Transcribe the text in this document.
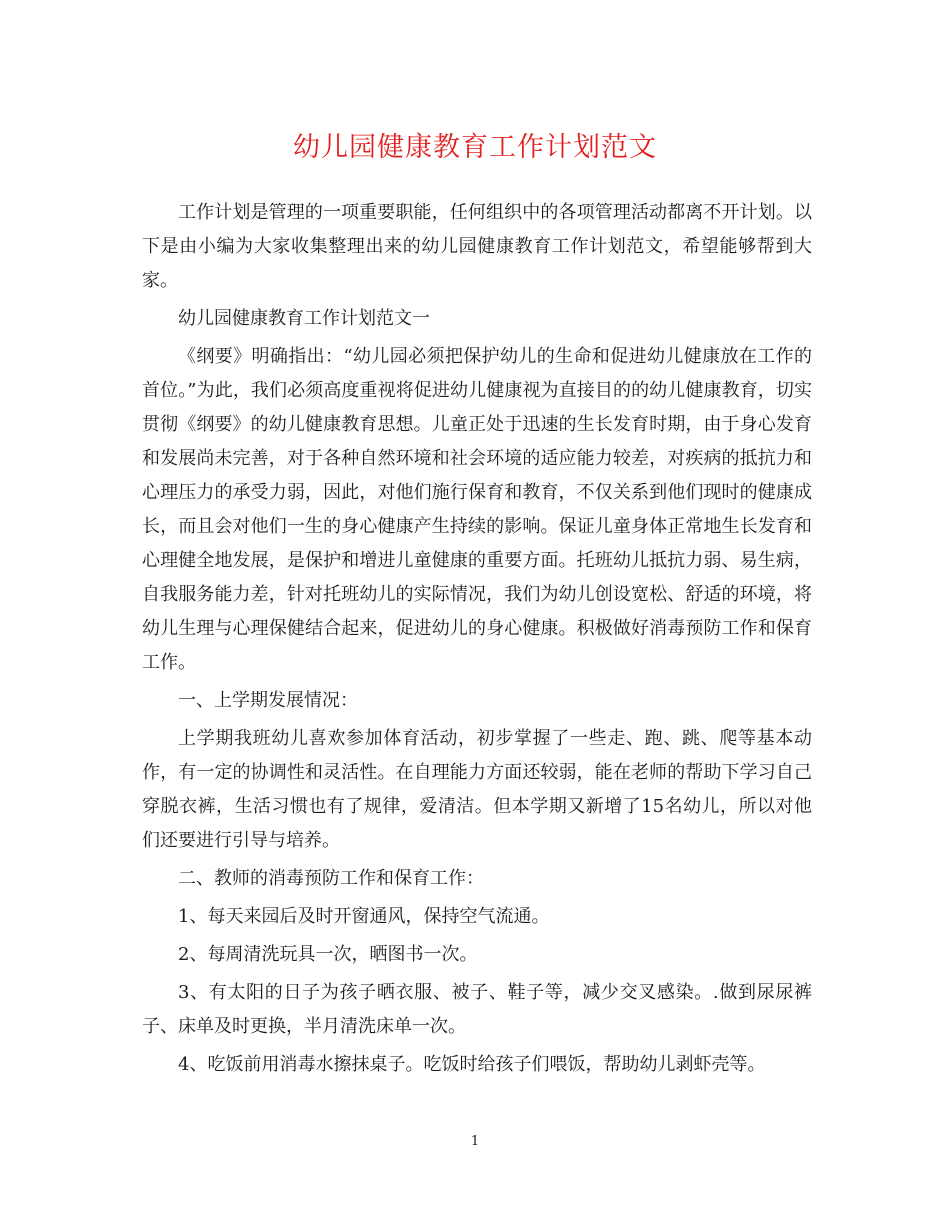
幼儿园健康教育工作计划范文

工作计划是管理的一项重要职能，任何组织中的各项管理活动都离不开计划。以下是由小编为大家收集整理出来的幼儿园健康教育工作计划范文，希望能够帮到大家。

幼儿园健康教育工作计划范文一

《纲要》明确指出：“幼儿园必须把保护幼儿的生命和促进幼儿健康放在工作的首位。”为此，我们必须高度重视将促进幼儿健康视为直接目的的幼儿健康教育，切实贯彻《纲要》的幼儿健康教育思想。儿童正处于迅速的生长发育时期，由于身心发育和发展尚未完善，对于各种自然环境和社会环境的适应能力较差，对疾病的抵抗力和心理压力的承受力弱，因此，对他们施行保育和教育，不仅关系到他们现时的健康成长，而且会对他们一生的身心健康产生持续的影响。保证儿童身体正常地生长发育和心理健全地发展，是保护和增进儿童健康的重要方面。托班幼儿抵抗力弱、易生病，自我服务能力差，针对托班幼儿的实际情况，我们为幼儿创设宽松、舒适的环境，将幼儿生理与心理保健结合起来，促进幼儿的身心健康。积极做好消毒预防工作和保育工作。

一、上学期发展情况：

上学期我班幼儿喜欢参加体育活动，初步掌握了一些走、跑、跳、爬等基本动作，有一定的协调性和灵活性。在自理能力方面还较弱，能在老师的帮助下学习自己穿脱衣裤，生活习惯也有了规律，爱清洁。但本学期又新增了15名幼儿，所以对他们还要进行引导与培养。

二、教师的消毒预防工作和保育工作：

1、每天来园后及时开窗通风，保持空气流通。

2、每周清洗玩具一次，晒图书一次。

3、有太阳的日子为孩子晒衣服、被子、鞋子等，减少交叉感染。.做到尿尿裤子、床单及时更换，半月清洗床单一次。

4、吃饭前用消毒水擦抹桌子。吃饭时给孩子们喂饭，帮助幼儿剥虾壳等。

1
